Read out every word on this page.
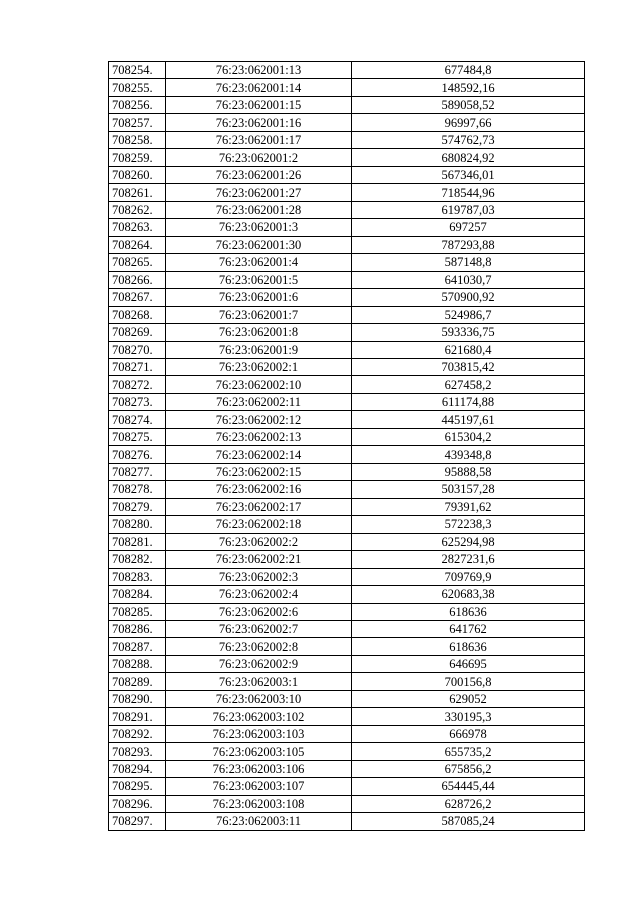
708254.	76:23:062001:13	677484,8
708255.	76:23:062001:14	148592,16
708256.	76:23:062001:15	589058,52
708257.	76:23:062001:16	96997,66
708258.	76:23:062001:17	574762,73
708259.	76:23:062001:2	680824,92
708260.	76:23:062001:26	567346,01
708261.	76:23:062001:27	718544,96
708262.	76:23:062001:28	619787,03
708263.	76:23:062001:3	697257
708264.	76:23:062001:30	787293,88
708265.	76:23:062001:4	587148,8
708266.	76:23:062001:5	641030,7
708267.	76:23:062001:6	570900,92
708268.	76:23:062001:7	524986,7
708269.	76:23:062001:8	593336,75
708270.	76:23:062001:9	621680,4
708271.	76:23:062002:1	703815,42
708272.	76:23:062002:10	627458,2
708273.	76:23:062002:11	611174,88
708274.	76:23:062002:12	445197,61
708275.	76:23:062002:13	615304,2
708276.	76:23:062002:14	439348,8
708277.	76:23:062002:15	95888,58
708278.	76:23:062002:16	503157,28
708279.	76:23:062002:17	79391,62
708280.	76:23:062002:18	572238,3
708281.	76:23:062002:2	625294,98
708282.	76:23:062002:21	2827231,6
708283.	76:23:062002:3	709769,9
708284.	76:23:062002:4	620683,38
708285.	76:23:062002:6	618636
708286.	76:23:062002:7	641762
708287.	76:23:062002:8	618636
708288.	76:23:062002:9	646695
708289.	76:23:062003:1	700156,8
708290.	76:23:062003:10	629052
708291.	76:23:062003:102	330195,3
708292.	76:23:062003:103	666978
708293.	76:23:062003:105	655735,2
708294.	76:23:062003:106	675856,2
708295.	76:23:062003:107	654445,44
708296.	76:23:062003:108	628726,2
708297.	76:23:062003:11	587085,24
